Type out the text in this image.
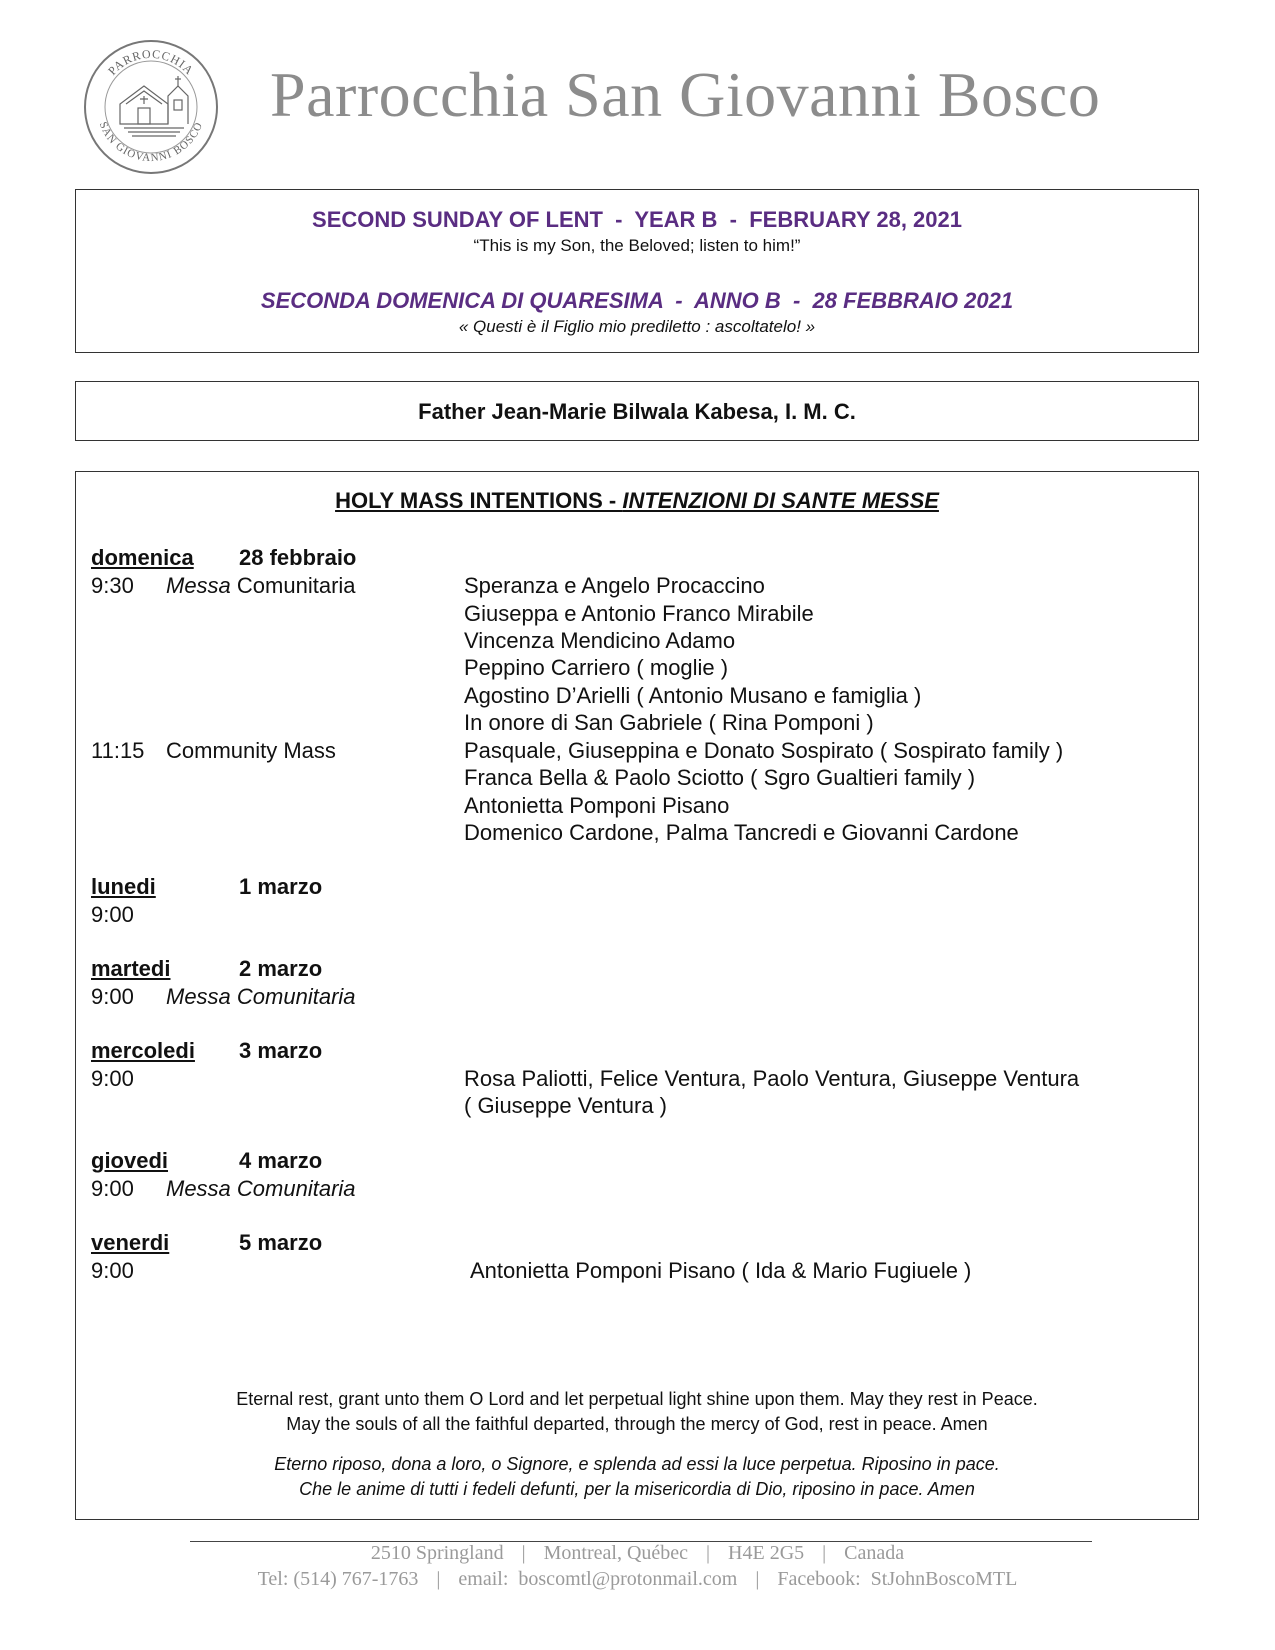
PARROCCHIA
SAN GIOVANNI BOSCO Parrocchia San Giovanni Bosco
SECOND SUNDAY OF LENT  -  YEAR B  -  FEBRUARY 28, 2021
“This is my Son, the Beloved; listen to him!”
SECONDA DOMENICA DI QUARESIMA  -  ANNO B  -  28 FEBBRAIO 2021
« Questi è il Figlio mio prediletto : ascoltatelo! »
Father Jean-Marie Bilwala Kabesa, I. M. C.
HOLY MASS INTENTIONS - INTENZIONI DI SANTE MESSE
domenica 28 febbraio
9:30 Messa Comunitaria	Speranza e Angelo Procaccino
Giuseppa e Antonio Franco Mirabile
Vincenza Mendicino Adamo
Peppino Carriero ( moglie )
Agostino D’Arielli ( Antonio Musano e famiglia )
In onore di San Gabriele ( Rina Pomponi )
11:15 Community Mass	Pasquale, Giuseppina e Donato Sospirato ( Sospirato family )
Franca Bella & Paolo Sciotto ( Sgro Gualtieri family )
Antonietta Pomponi Pisano
Domenico Cardone, Palma Tancredi e Giovanni Cardone
lunedi	1 marzo
9:00
martedi	2 marzo
9:00 Messa Comunitaria
mercoledi 3 marzo
9:00	Rosa Paliotti, Felice Ventura, Paolo Ventura, Giuseppe Ventura
( Giuseppe Ventura )
giovedi	4 marzo
9:00 Messa Comunitaria
venerdi	5 marzo
9:00	Antonietta Pomponi Pisano ( Ida & Mario Fugiuele )
Eternal rest, grant unto them O Lord and let perpetual light shine upon them. May they rest in Peace.
May the souls of all the faithful departed, through the mercy of God, rest in peace. Amen
Eterno riposo, dona a loro, o Signore, e splenda ad essi la luce perpetua. Riposino in pace.
Che le anime di tutti i fedeli defunti, per la misericordia di Dio, riposino in pace. Amen
2510 Springland | Montreal, Québec | H4E 2G5 | Canada
Tel: (514) 767-1763 | email:  boscomtl@protonmail.com | Facebook:  StJohnBoscoMTL
